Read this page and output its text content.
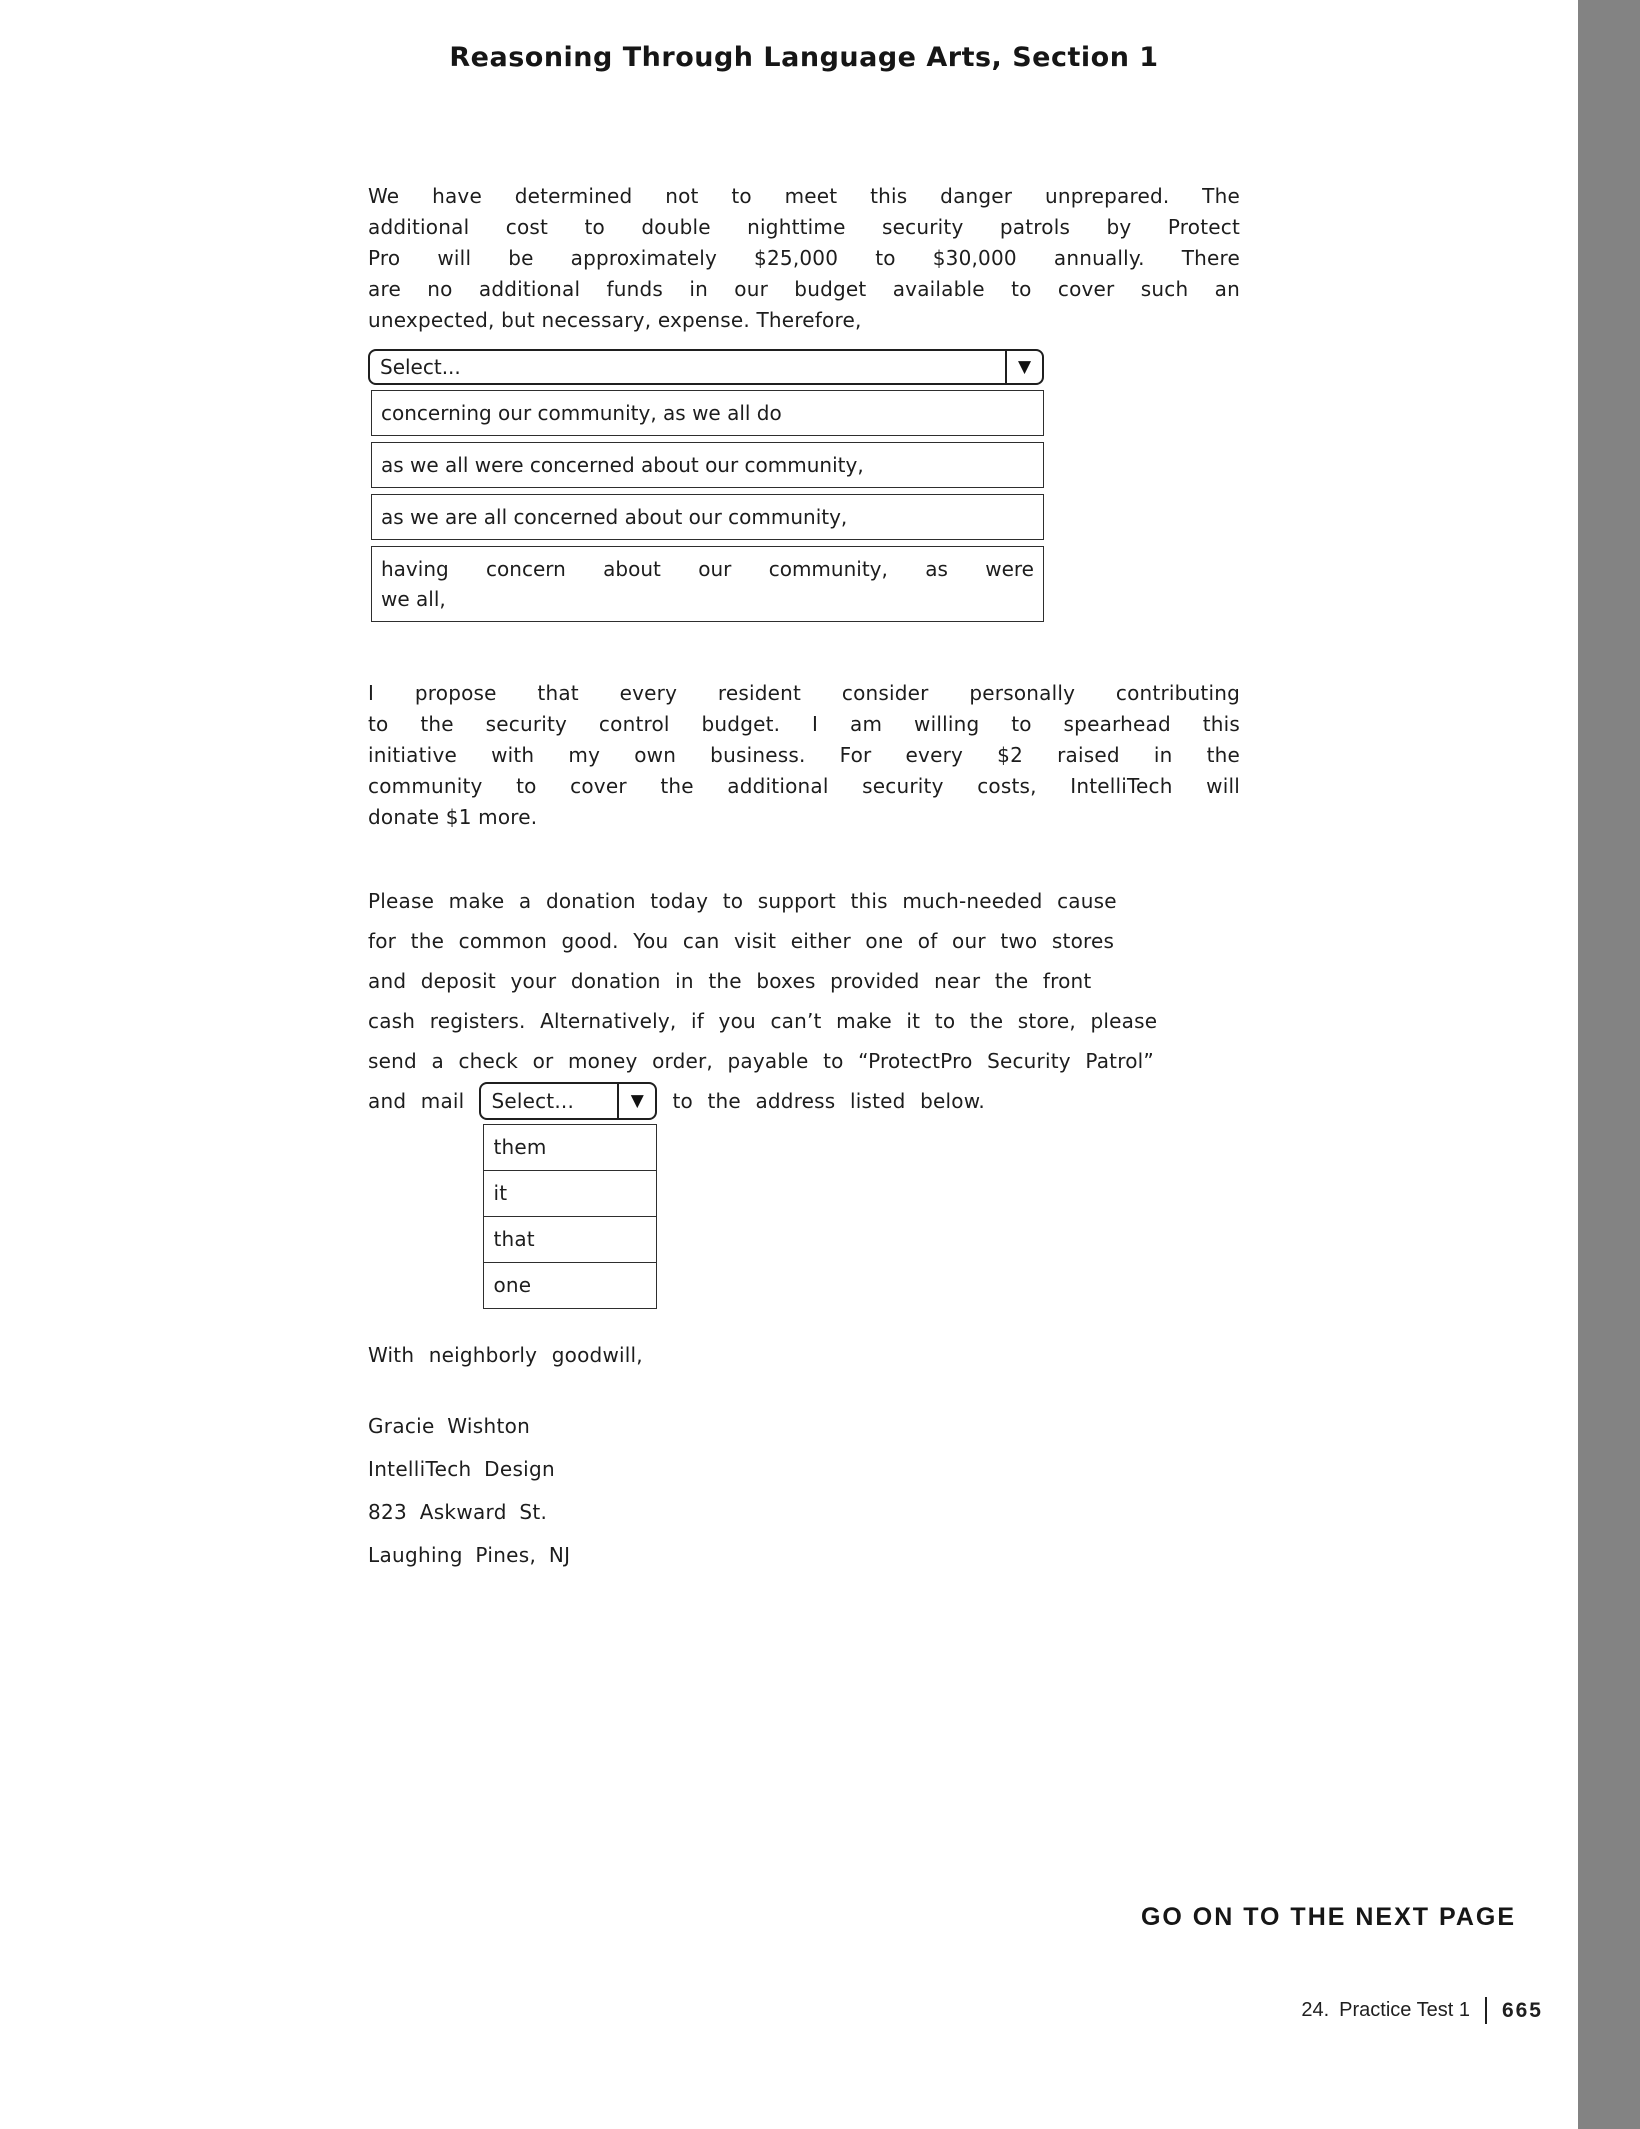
Reasoning Through Language Arts, Section 1
We have determined not to meet this danger unprepared. The
additional cost to double nighttime security patrols by Protect
Pro will be approximately $25,000 to $30,000 annually. There
are no additional funds in our budget available to cover such an
unexpected, but necessary, expense. Therefore,
Select...	▼
concerning our community, as we all do
as we all were concerned about our community,
as we are all concerned about our community,
having concern about our community, as were
we all,
I propose that every resident consider personally contributing
to the security control budget. I am willing to spearhead this
initiative with my own business. For every $2 raised in the
community to cover the additional security costs, IntelliTech will
donate $1 more.
Please make a donation today to support this much-needed cause
for the common good. You can visit either one of our two stores
and deposit your donation in the boxes provided near the front
cash registers. Alternatively, if you can’t make it to the store, please
send a check or money order, payable to “ProtectPro Security Patrol”
and mail	Select...	▼
them
it
that
one
to the address listed below.
With neighborly goodwill,
Gracie Wishton
IntelliTech Design
823 Askward St.
Laughing Pines, NJ
GO ON TO THE NEXT PAGE
24. Practice Test 1 665
